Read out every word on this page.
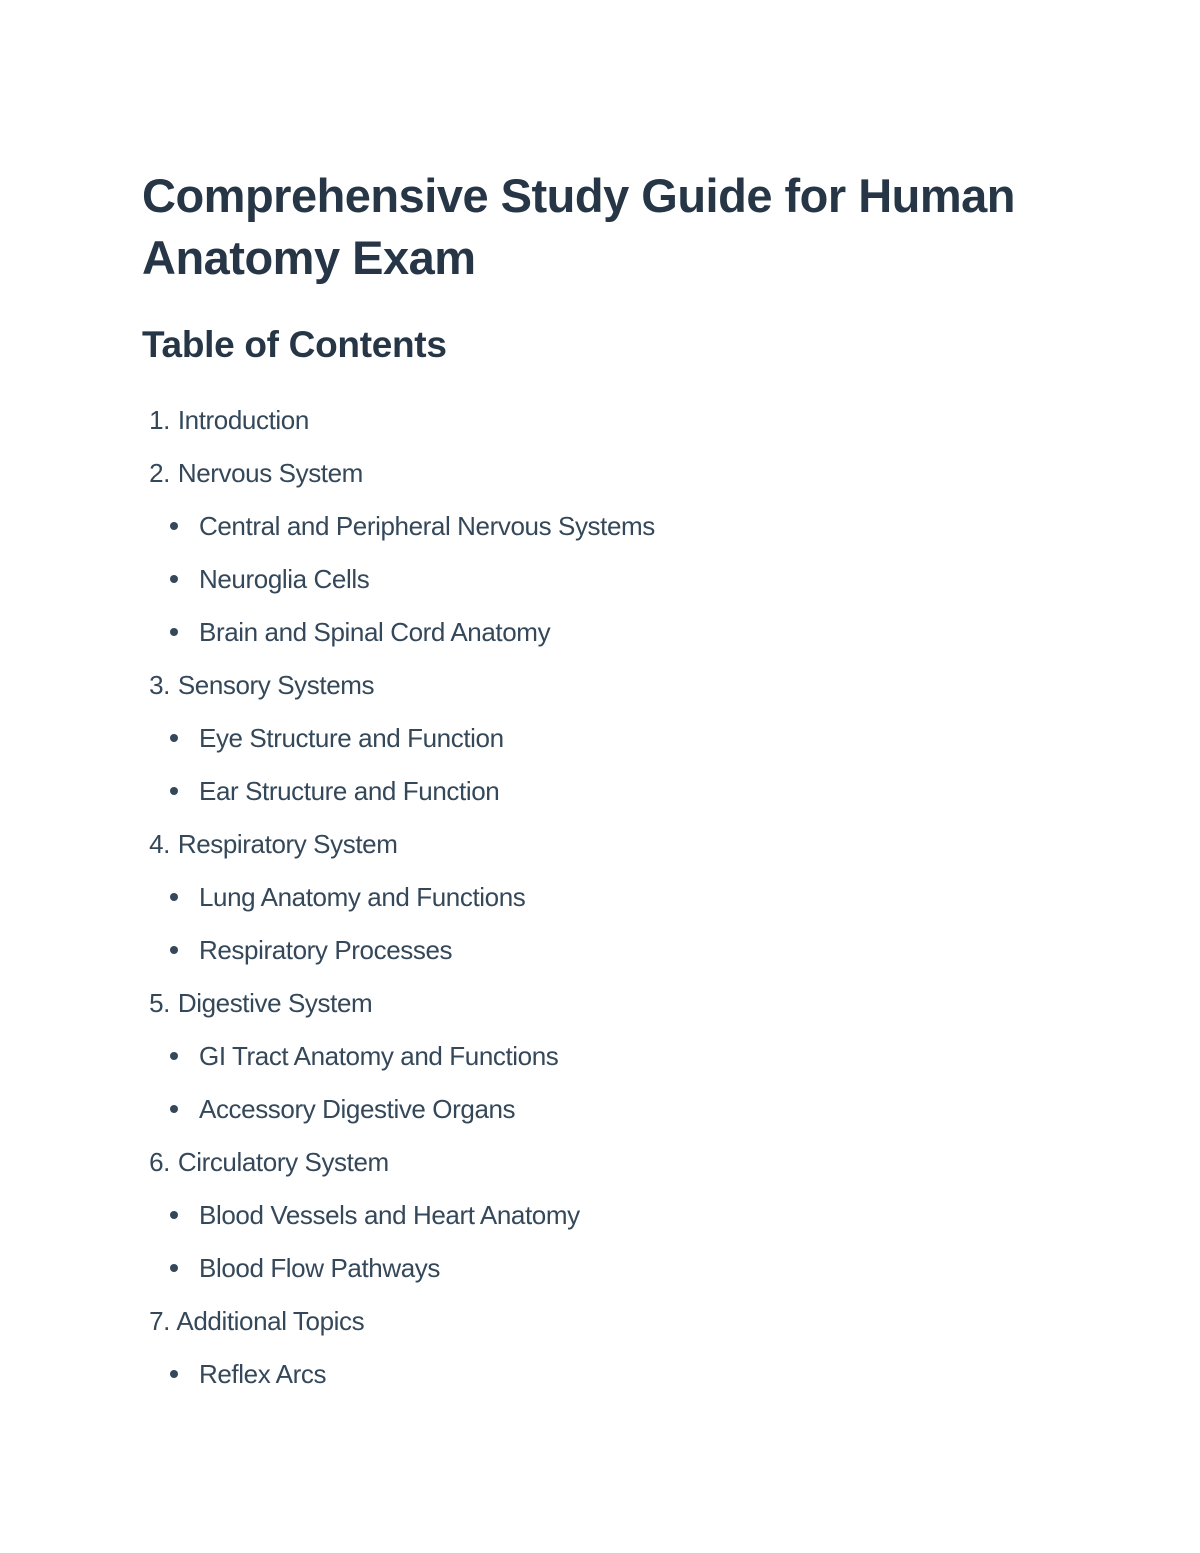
Comprehensive Study Guide for Human Anatomy Exam
Table of Contents
1. Introduction
2. Nervous System
Central and Peripheral Nervous Systems
Neuroglia Cells
Brain and Spinal Cord Anatomy
3. Sensory Systems
Eye Structure and Function
Ear Structure and Function
4. Respiratory System
Lung Anatomy and Functions
Respiratory Processes
5. Digestive System
GI Tract Anatomy and Functions
Accessory Digestive Organs
6. Circulatory System
Blood Vessels and Heart Anatomy
Blood Flow Pathways
7. Additional Topics
Reflex Arcs
